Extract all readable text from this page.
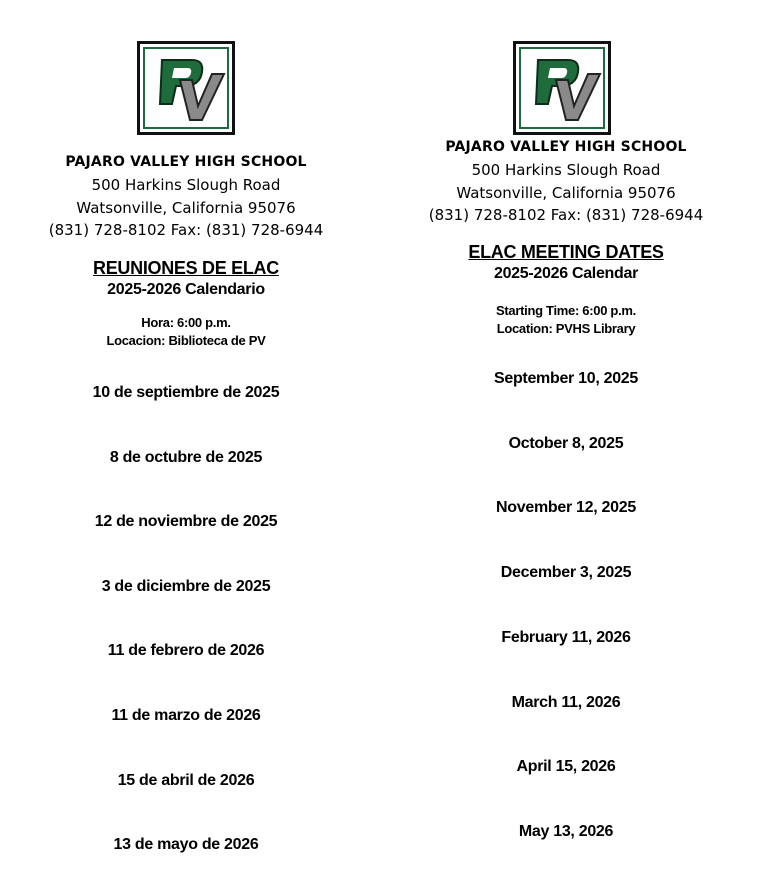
PAJARO VALLEY HIGH SCHOOL
500 Harkins Slough Road
Watsonville, California 95076
(831) 728-8102 Fax: (831) 728-6944
REUNIONES DE ELAC
2025-2026 Calendario
Hora: 6:00 p.m.
Locacion: Biblioteca de PV
10 de septiembre de 2025
8 de octubre de 2025
12 de noviembre de 2025
3 de diciembre de 2025
11 de febrero de 2026
11 de marzo de 2026
15 de abril de 2026
13 de mayo de 2026
PAJARO VALLEY HIGH SCHOOL
500 Harkins Slough Road
Watsonville, California 95076
(831) 728-8102 Fax: (831) 728-6944
ELAC MEETING DATES
2025-2026 Calendar
Starting Time: 6:00 p.m.
Location: PVHS Library
September 10, 2025
October 8, 2025
November 12, 2025
December 3, 2025
February 11, 2026
March 11, 2026
April 15, 2026
May 13, 2026
